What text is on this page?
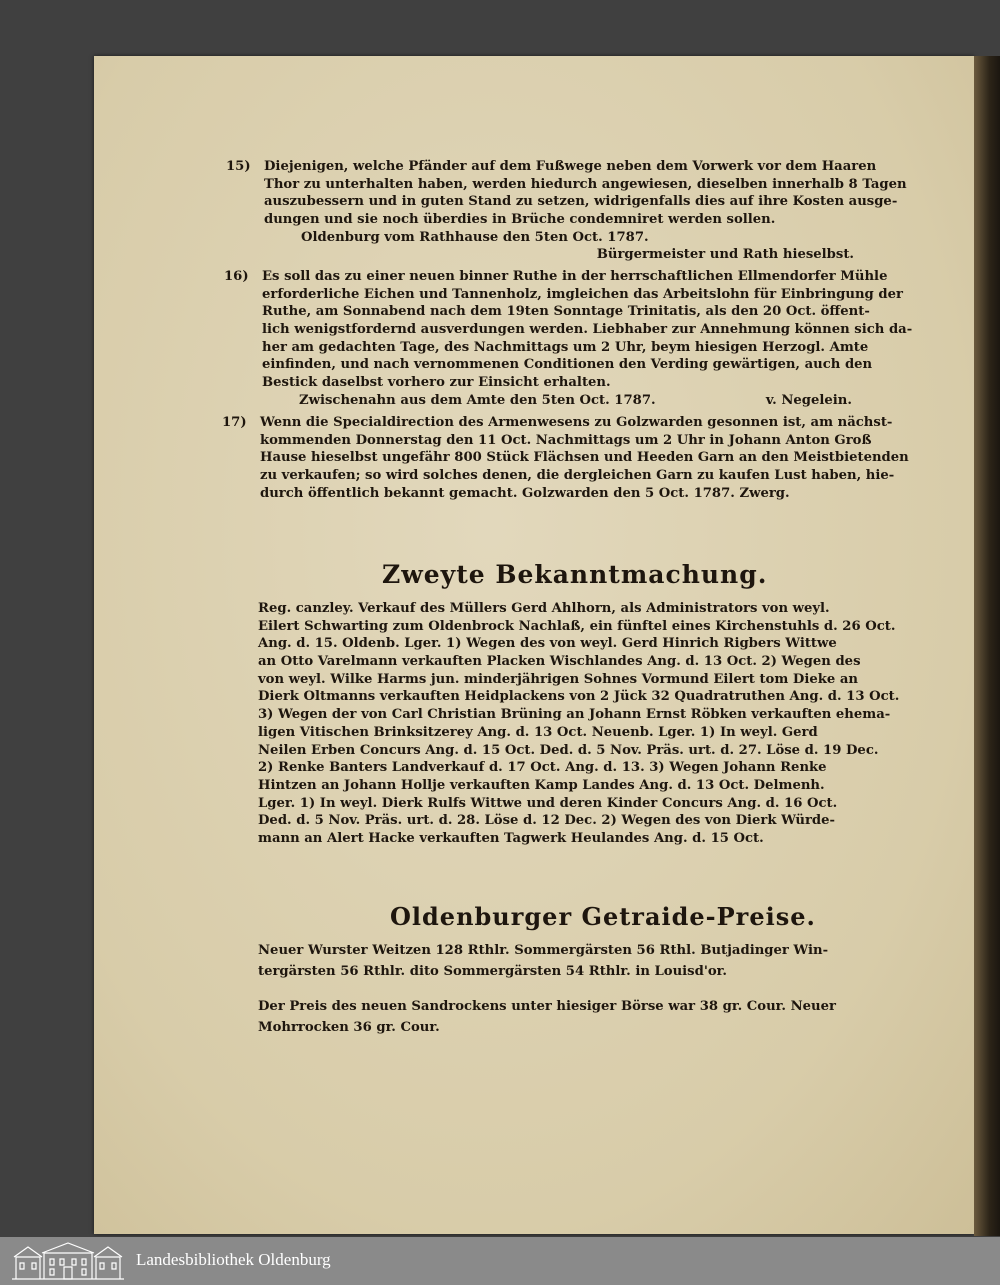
15) Diejenigen, welche Pfänder auf dem Fußwege neben dem Vorwerk vor dem Haaren
Thor zu unterhalten haben, werden hiedurch angewiesen, dieselben innerhalb 8 Tagen
auszubessern und in guten Stand zu setzen, widrigenfalls dies auf ihre Kosten ausge-
dungen und sie noch überdies in Brüche condemniret werden sollen.
Oldenburg vom Rathhause den 5ten Oct. 1787.
Bürgermeister und Rath hieselbst.
16) Es soll das zu einer neuen binner Ruthe in der herrschaftlichen Ellmendorfer Mühle
erforderliche Eichen und Tannenholz, imgleichen das Arbeitslohn für Einbringung der
Ruthe, am Sonnabend nach dem 19ten Sonntage Trinitatis, als den 20 Oct. öffent-
lich wenigstfordernd ausverdungen werden. Liebhaber zur Annehmung können sich da-
her am gedachten Tage, des Nachmittags um 2 Uhr, beym hiesigen Herzogl. Amte
einfinden, und nach vernommenen Conditionen den Verding gewärtigen, auch den
Bestick daselbst vorhero zur Einsicht erhalten.
Zwischenahn aus dem Amte den 5ten Oct. 1787.	v. Negelein.
17) Wenn die Specialdirection des Armenwesens zu Golzwarden gesonnen ist, am nächst-
kommenden Donnerstag den 11 Oct. Nachmittags um 2 Uhr in Johann Anton Groß
Hause hieselbst ungefähr 800 Stück Flächsen und Heeden Garn an den Meistbietenden
zu verkaufen; so wird solches denen, die dergleichen Garn zu kaufen Lust haben, hie-
durch öffentlich bekannt gemacht. Golzwarden den 5 Oct. 1787. Zwerg.
Zweyte Bekanntmachung.
Reg. canzley. Verkauf des Müllers Gerd Ahlhorn, als Administrators von weyl.
Eilert Schwarting zum Oldenbrock Nachlaß, ein fünftel eines Kirchenstuhls d. 26 Oct.
Ang. d. 15. Oldenb. Lger. 1) Wegen des von weyl. Gerd Hinrich Rigbers Wittwe
an Otto Varelmann verkauften Placken Wischlandes Ang. d. 13 Oct. 2) Wegen des
von weyl. Wilke Harms jun. minderjährigen Sohnes Vormund Eilert tom Dieke an
Dierk Oltmanns verkauften Heidplackens von 2 Jück 32 Quadratruthen Ang. d. 13 Oct.
3) Wegen der von Carl Christian Brüning an Johann Ernst Röbken verkauften ehema-
ligen Vitischen Brinksitzerey Ang. d. 13 Oct. Neuenb. Lger. 1) In weyl. Gerd
Neilen Erben Concurs Ang. d. 15 Oct. Ded. d. 5 Nov. Präs. urt. d. 27. Löse d. 19 Dec.
2) Renke Banters Landverkauf d. 17 Oct. Ang. d. 13. 3) Wegen Johann Renke
Hintzen an Johann Hollje verkauften Kamp Landes Ang. d. 13 Oct. Delmenh.
Lger. 1) In weyl. Dierk Rulfs Wittwe und deren Kinder Concurs Ang. d. 16 Oct.
Ded. d. 5 Nov. Präs. urt. d. 28. Löse d. 12 Dec. 2) Wegen des von Dierk Würde-
mann an Alert Hacke verkauften Tagwerk Heulandes Ang. d. 15 Oct.
Oldenburger Getraide-Preise.
Neuer Wurster Weitzen 128 Rthlr. Sommergärsten 56 Rthl. Butjadinger Win-
tergärsten 56 Rthlr. dito Sommergärsten 54 Rthlr. in Louisd'or.
Der Preis des neuen Sandrockens unter hiesiger Börse war 38 gr. Cour. Neuer
Mohrrocken 36 gr. Cour.
Landesbibliothek Oldenburg
